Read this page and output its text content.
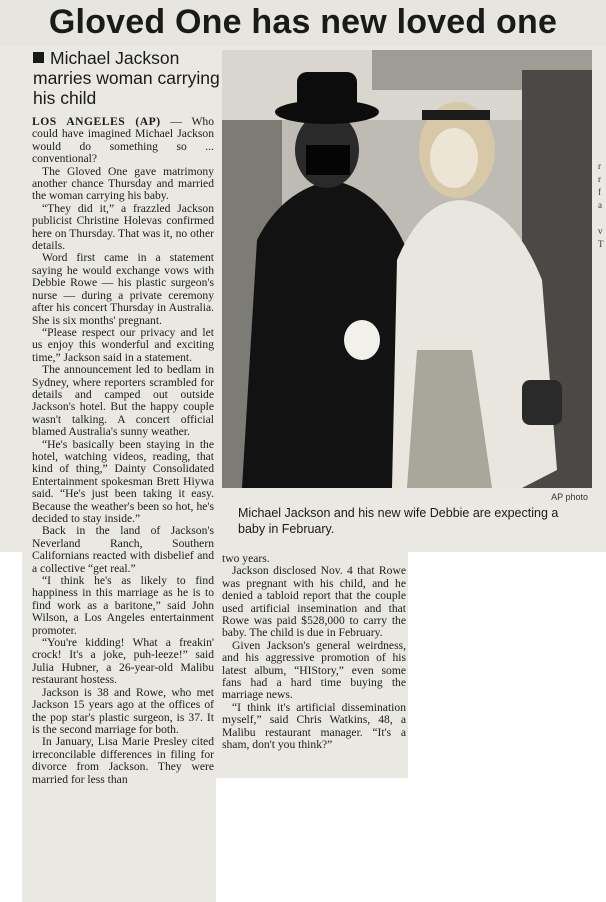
Gloved One has new loved one
Michael Jackson marries woman carrying his child

LOS ANGELES (AP) — Who could have imagined Michael Jackson would do something so ... conventional?

The Gloved One gave matrimony another chance Thursday and married the woman carrying his baby.

“They did it,” a frazzled Jackson publicist Christine Holevas confirmed here on Thursday. That was it, no other details.

Word first came in a statement saying he would exchange vows with Debbie Rowe — his plastic surgeon's nurse — during a private ceremony after his concert Thursday in Australia. She is six months' pregnant.

“Please respect our privacy and let us enjoy this wonderful and exciting time,” Jackson said in a statement.

The announcement led to bedlam in Sydney, where reporters scrambled for details and camped out outside Jackson's hotel. But the happy couple wasn't talking. A concert official blamed Australia's sunny weather.

“He's basically been staying in the hotel, watching videos, reading, that kind of thing,” Dainty Consolidated Entertainment spokesman Brett Hiywa said. “He's just been taking it easy. Because the weather's been so hot, he's decided to stay inside.”

Back in the land of Jackson's Neverland Ranch, Southern Californians reacted with disbelief and a collective “get real.”

“I think he's as likely to find happiness in this marriage as he is to find work as a baritone,” said John Wilson, a Los Angeles entertainment promoter.

“You're kidding! What a freakin' crock! It's a joke, puh-leeze!” said Julia Hubner, a 26-year-old Malibu restaurant hostess.

Jackson is 38 and Rowe, who met Jackson 15 years ago at the offices of the pop star's plastic surgeon, is 37. It is the second marriage for both.

In January, Lisa Marie Presley cited irreconcilable differences in filing for divorce from Jackson. They were married for less than

AP photo
Michael Jackson and his new wife Debbie are expecting a baby in February.

two years.

Jackson disclosed Nov. 4 that Rowe was pregnant with his child, and he denied a tabloid report that the couple used artificial insemination and that Rowe was paid $528,000 to carry the baby. The child is due in February.

Given Jackson's general weirdness, and his aggressive promotion of his latest album, “HIStory,” even some fans had a hard time buying the marriage news.

“I think it's artificial dissemination myself,” said Chris Watkins, 48, a Malibu restaurant manager. “It's a sham, don't you think?”

r
r
f
a

v
T
